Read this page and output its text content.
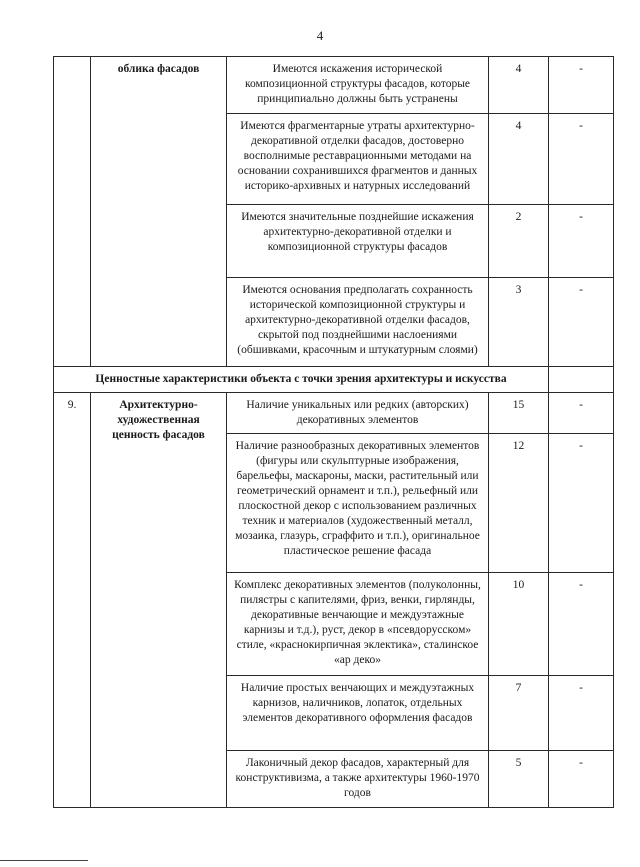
4
	облика фасадов	Имеются искажения исторической композиционной структуры фасадов, которые принципиально должны быть устранены	4	-
		Имеются фрагментарные утраты архитектурно-декоративной отделки фасадов, достоверно восполнимые реставрационными методами на основании сохранившихся фрагментов и данных историко-архивных и натурных исследований	4	-
		Имеются значительные позднейшие искажения архитектурно-декоративной отделки и композиционной структуры фасадов	2	-
		Имеются основания предполагать сохранность исторической композиционной структуры и архитектурно-декоративной отделки фасадов, скрытой под позднейшими наслоениями (обшивками, красочным и штукатурным слоями)	3	-
Ценностные характеристики объекта с точки зрения архитектуры и искусства				
9.	Архитектурно-художественная ценность фасадов	Наличие уникальных или редких (авторских) декоративных элементов	15	-
		Наличие разнообразных декоративных элементов (фигуры или скульптурные изображения, барельефы, маскароны, маски, растительный или геометрический орнамент и т.п.), рельефный или плоскостной декор с использованием различных техник и материалов (художественный металл, мозаика, глазурь, сграффито и т.п.), оригинальное пластическое решение фасада	12	-
		Комплекс декоративных элементов (полуколонны, пилястры с капителями, фриз, венки, гирлянды, декоративные венчающие и междуэтажные карнизы и т.д.), руст, декор в «псевдорусском» стиле, «краснокирпичная эклектика», сталинское «ар деко»	10	-
		Наличие простых венчающих и междуэтажных карнизов, наличников, лопаток, отдельных элементов декоративного оформления фасадов	7	-
		Лаконичный декор фасадов, характерный для конструктивизма, а также архитектуры 1960-1970 годов	5	-
